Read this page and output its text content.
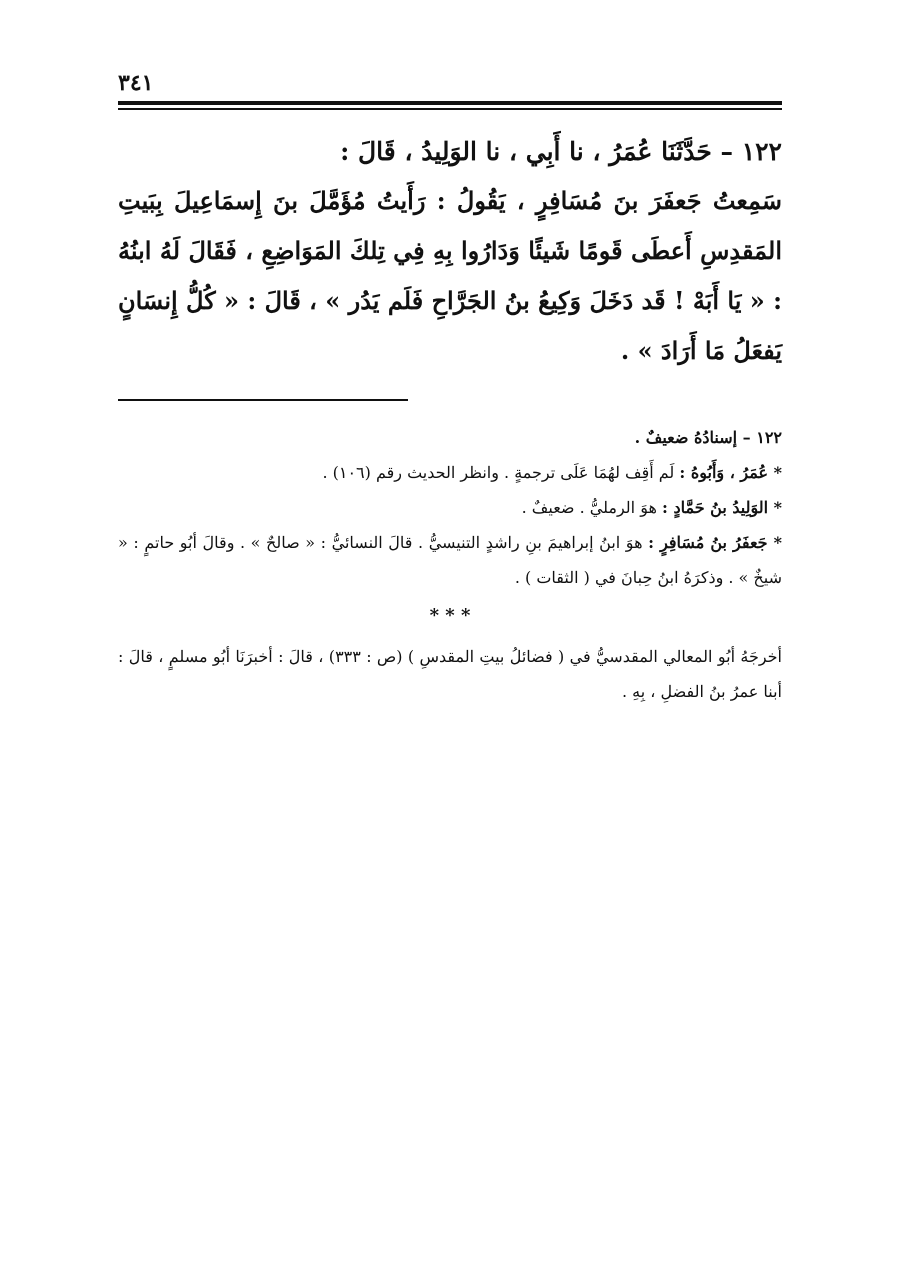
٣٤١

١٢٢ – حَدَّثَنَا عُمَرُ ، نا أَبِي ، نا الوَلِيدُ ، قَالَ :

سَمِعتُ جَعفَرَ بنَ مُسَافِرٍ ، يَقُولُ : رَأَيتُ مُؤَمَّلَ بنَ إِسمَاعِيلَ بِبَيتِ المَقدِسِ أَعطَى قَومًا شَيئًا وَدَارُوا بِهِ فِي تِلكَ المَوَاضِعِ ، فَقَالَ لَهُ ابنُهُ : « يَا أَبَهْ ! قَد دَخَلَ وَكِيعُ بنُ الجَرَّاحِ فَلَم يَدُر » ، قَالَ : « كُلُّ إِنسَانٍ يَفعَلُ مَا أَرَادَ » .

١٢٢ – إسنادُهُ ضعيفٌ .

* عُمَرُ ، وَأَبُوهُ : لَم أَقِف لهُمَا عَلَى ترجمةٍ . وانظر الحديث رقم (١٠٦) .

* الوَلِيدُ بنُ حَمَّادٍ : هوَ الرمليُّ . ضعيفٌ .

* جَعفَرُ بنُ مُسَافِرٍ : هوَ ابنُ إبراهيمَ بنِ راشدٍ التنيسيُّ . قالَ النسائيُّ : « صالحٌ » . وقالَ أبُو حاتمٍ : « شيخٌ » . وذكرَهُ ابنُ حِبانَ في ( الثقات ) .

* * *

أخرجَهُ أبُو المعالي المقدسيُّ في ( فضائلُ بيتِ المقدسِ ) (ص : ٣٣٣) ، قالَ : أخبرَنَا أبُو مسلمٍ ، قالَ : أبنا عمرُ بنُ الفضلِ ، بِهِ .
